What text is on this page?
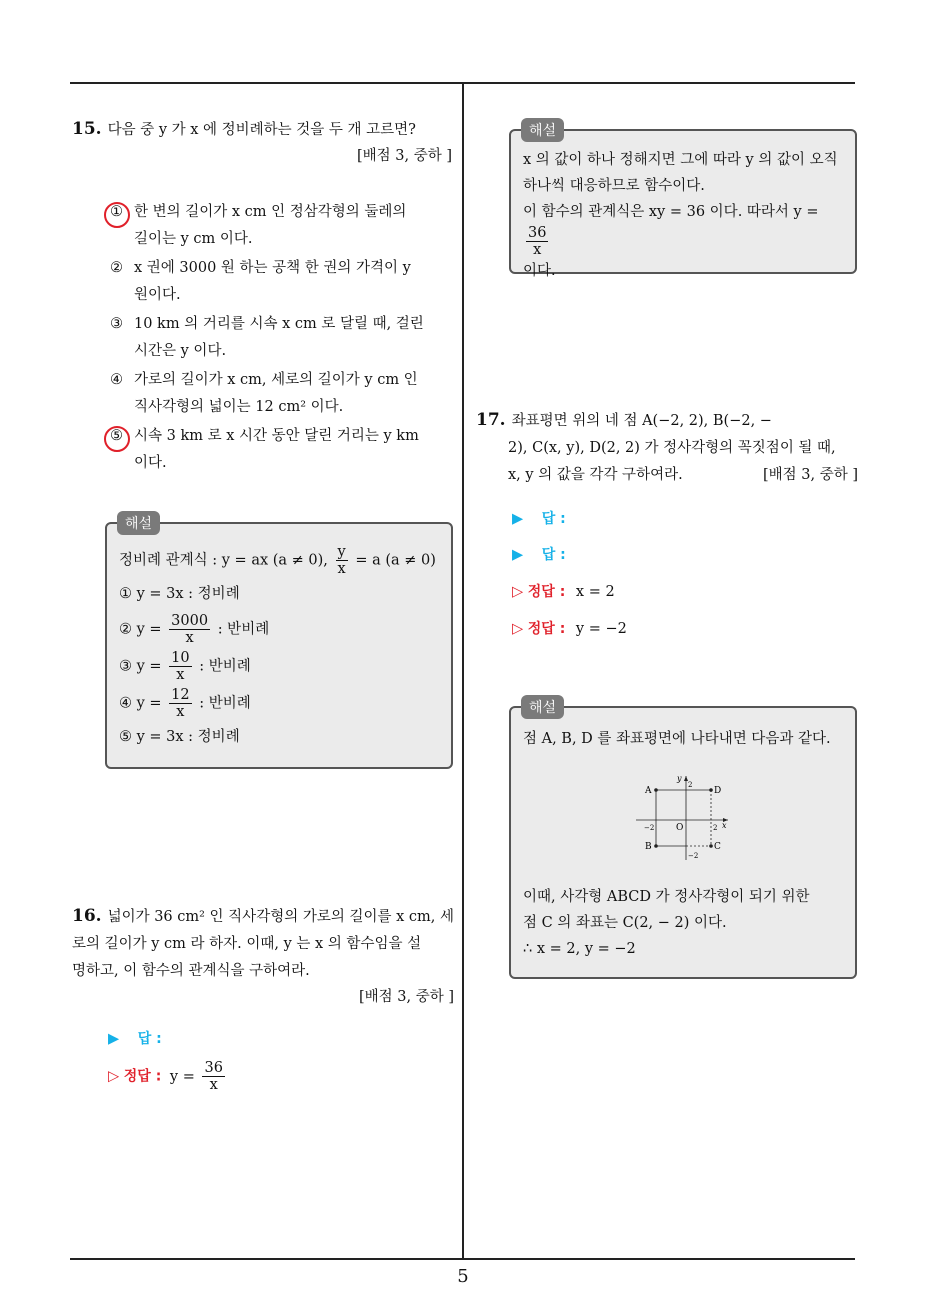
15. 다음 중 y 가 x 에 정비례하는 것을 두 개 고르면?
[배점 3, 중하 ]
① 한 변의 길이가 x cm 인 정삼각형의 둘레의
길이는 y cm 이다.
② x 권에 3000 원 하는 공책 한 권의 가격이 y
원이다.
③ 10 km 의 거리를 시속 x cm 로 달릴 때, 걸린
시간은 y 이다.
④ 가로의 길이가 x cm, 세로의 길이가 y cm 인
직사각형의 넓이는 12 cm² 이다.
⑤ 시속 3 km 로 x 시간 동안 달린 거리는 y km
이다.
해설
정비례 관계식 : y = ax (a ≠ 0), $\frac{y}{x} = a$ (a ≠ 0)
① y = 3x : 정비례
② $y = \frac{3000}{x}$ : 반비례
③ $y = \frac{10}{x}$ : 반비례
④ $y = \frac{12}{x}$ : 반비례
⑤ y = 3x : 정비례
16. 넓이가 36 cm² 인 직사각형의 가로의 길이를 x cm, 세
로의 길이가 y cm 라 하자. 이때, y 는 x 의 함수임을 설
명하고, 이 함수의 관계식을 구하여라.
[배점 3, 중하 ]
▶ 답 :
▷ 정답 : $y = \frac{36}{x}$
해설
x 의 값이 하나 정해지면 그에 따라 y 의 값이 오직
하나씩 대응하므로 함수이다.
이 함수의 관계식은 xy = 36 이다. 따라서 y =
$\frac{36}{x}$
이다.
17. 좌표평면 위의 네 점 A(−2, 2), B(−2, −
2), C(x, y), D(2, 2) 가 정사각형의 꼭짓점이 될 때,
x, y 의 값을 각각 구하여라.	[배점 3, 중하 ]
▶ 답 :
▶ 답 :
▷ 정답 : x = 2
▷ 정답 : y = −2
해설
점 A, B, D 를 좌표평면에 나타내면 다음과 같다.
A	D
B	C
O
y
x
2
−2	2
−2
이때, 사각형 ABCD 가 정사각형이 되기 위한
점 C 의 좌표는 C(2, − 2) 이다.
∴ x = 2, y = −2
5
